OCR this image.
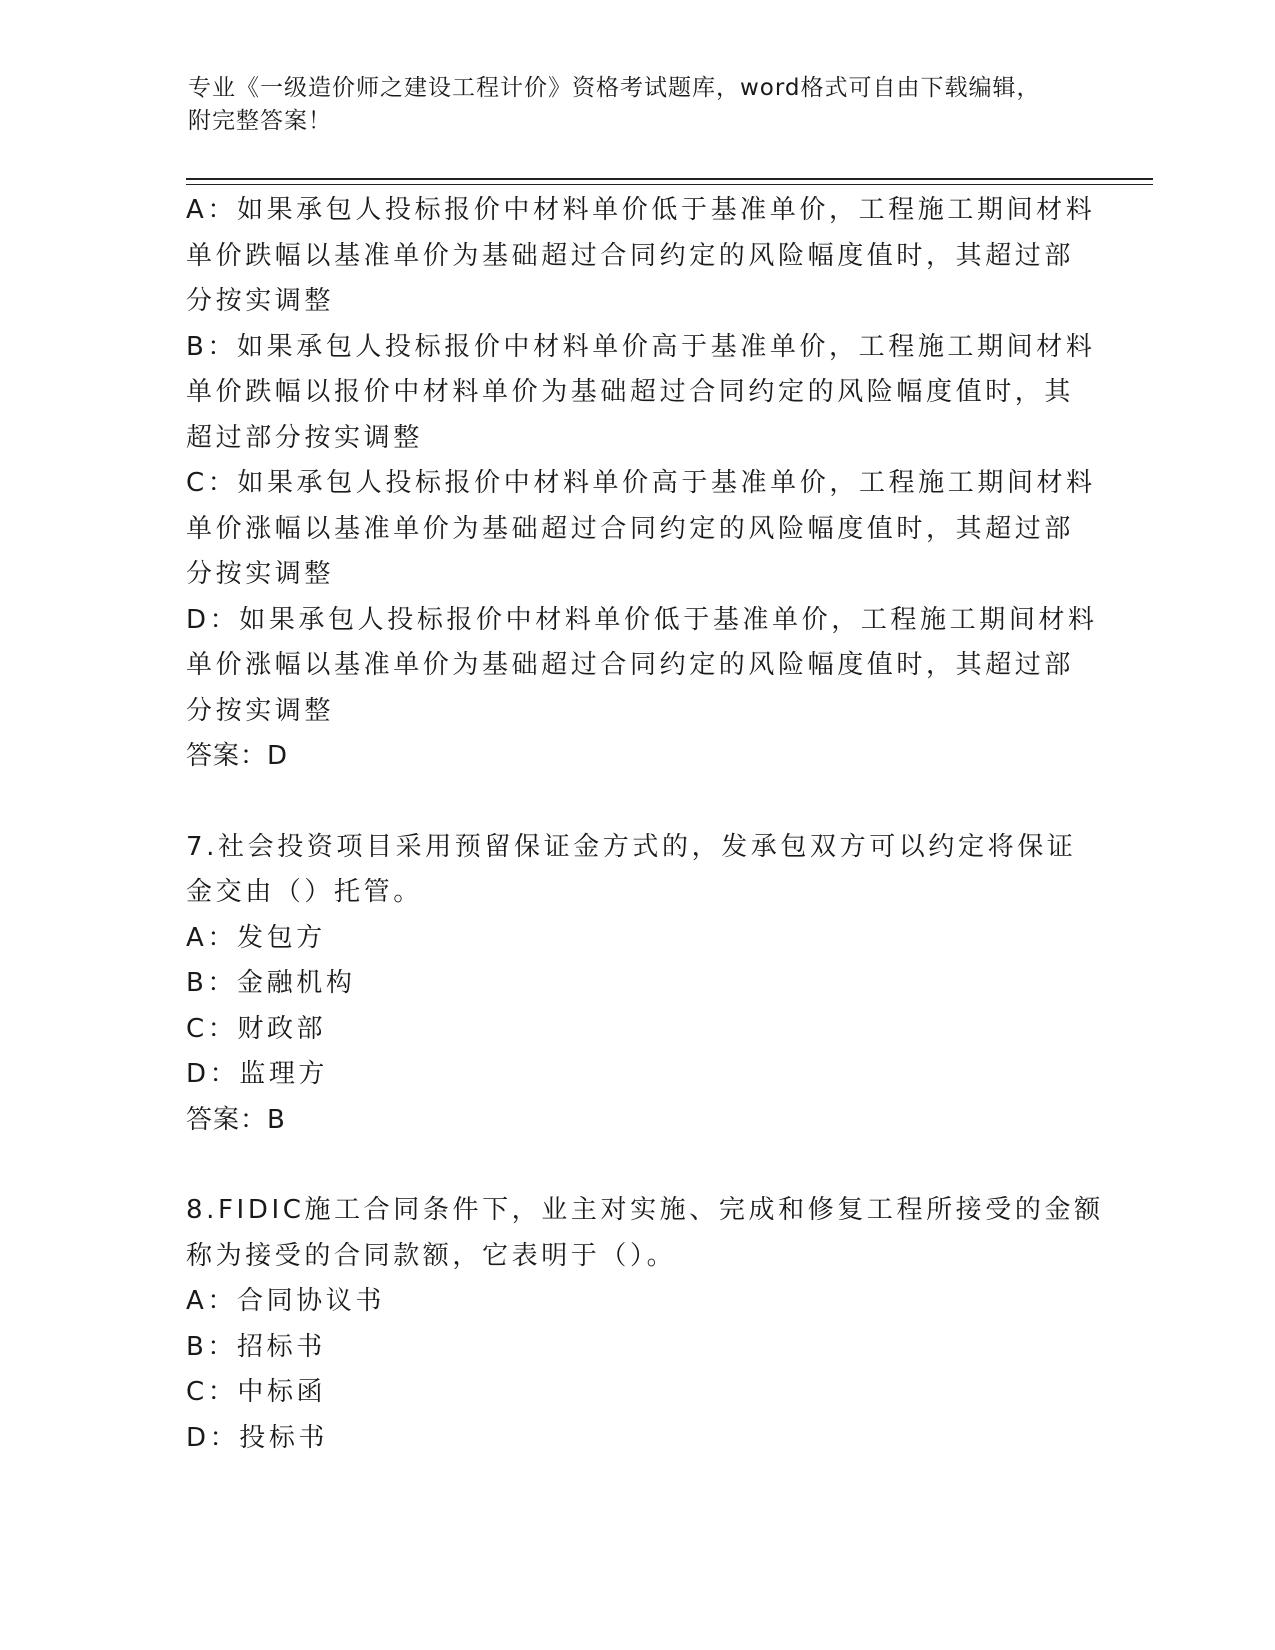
专业《一级造价师之建设工程计价》资格考试题库，word格式可自由下载编辑，
附完整答案！

A：如果承包人投标报价中材料单价低于基准单价，工程施工期间材料

单价跌幅以基准单价为基础超过合同约定的风险幅度值时，其超过部

分按实调整

B：如果承包人投标报价中材料单价高于基准单价，工程施工期间材料

单价跌幅以报价中材料单价为基础超过合同约定的风险幅度值时，其

超过部分按实调整

C：如果承包人投标报价中材料单价高于基准单价，工程施工期间材料

单价涨幅以基准单价为基础超过合同约定的风险幅度值时，其超过部

分按实调整

D：如果承包人投标报价中材料单价低于基准单价，工程施工期间材料

单价涨幅以基准单价为基础超过合同约定的风险幅度值时，其超过部

分按实调整

答案：D

7.社会投资项目采用预留保证金方式的，发承包双方可以约定将保证

金交由（）托管。

A：发包方

B：金融机构

C：财政部

D：监理方

答案：B

8.FIDIC施工合同条件下，业主对实施、完成和修复工程所接受的金额

称为接受的合同款额，它表明于（）。

A：合同协议书

B：招标书

C：中标函

D：投标书
